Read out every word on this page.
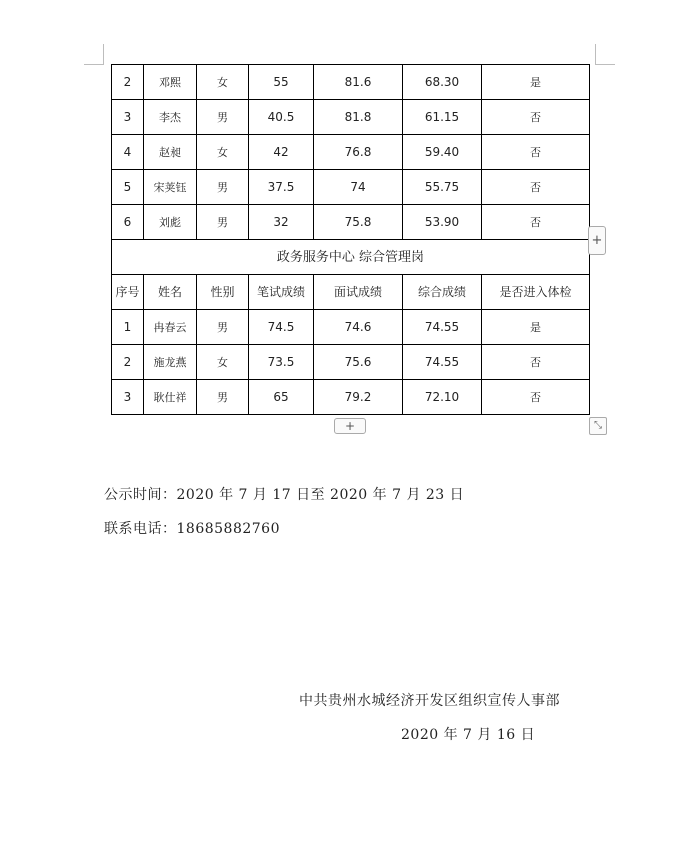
2	邓熙	女	55	81.6	68.30	是
3	李杰	男	40.5	81.8	61.15	否
4	赵昶	女	42	76.8	59.40	否
5	宋荚钰	男	37.5	74	55.75	否
6	刘彪	男	32	75.8	53.90	否
政务服务中心 综合管理岗						
序号	姓名	性别	笔试成绩	面试成绩	综合成绩	是否进入体检
1	冉春云	男	74.5	74.6	74.55	是
2	施龙燕	女	73.5	75.6	74.55	否
3	耿仕祥	男	65	79.2	72.10	否
+
+	⤡
公示时间：2020 年 7 月 17 日至 2020 年 7 月 23 日
联系电话：18685882760
中共贵州水城经济开发区组织宣传人事部
2020 年 7 月 16 日
